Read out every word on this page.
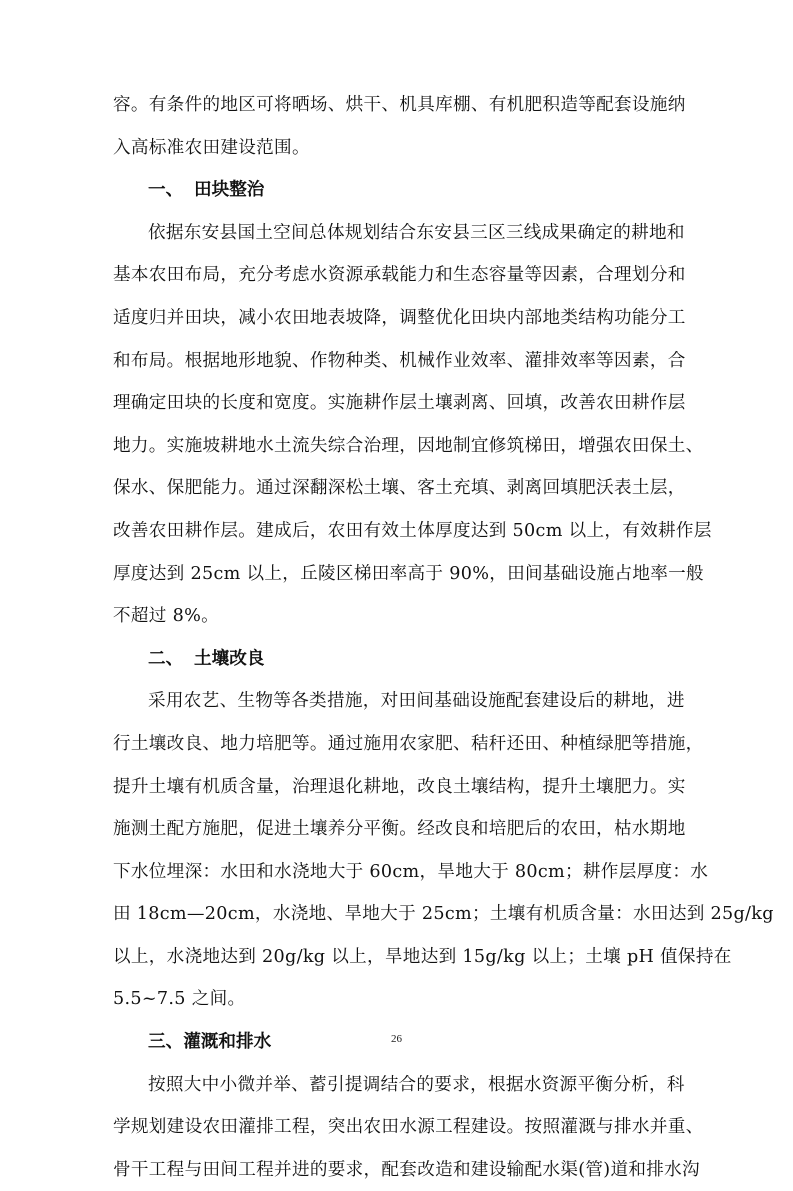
容。有条件的地区可将晒场、烘干、机具库棚、有机肥积造等配套设施纳
入高标准农田建设范围。
一、 田块整治
依据东安县国土空间总体规划结合东安县三区三线成果确定的耕地和
基本农田布局，充分考虑水资源承载能力和生态容量等因素，合理划分和
适度归并田块，减小农田地表坡降，调整优化田块内部地类结构功能分工
和布局。根据地形地貌、作物种类、机械作业效率、灌排效率等因素，合
理确定田块的长度和宽度。实施耕作层土壤剥离、回填，改善农田耕作层
地力。实施坡耕地水土流失综合治理，因地制宜修筑梯田，增强农田保土、
保水、保肥能力。通过深翻深松土壤、客土充填、剥离回填肥沃表土层，
改善农田耕作层。建成后，农田有效土体厚度达到 50cm 以上，有效耕作层
厚度达到 25cm 以上，丘陵区梯田率高于 90%，田间基础设施占地率一般
不超过 8%。
二、 土壤改良
采用农艺、生物等各类措施，对田间基础设施配套建设后的耕地，进
行土壤改良、地力培肥等。通过施用农家肥、秸秆还田、种植绿肥等措施，
提升土壤有机质含量，治理退化耕地，改良土壤结构，提升土壤肥力。实
施测土配方施肥，促进土壤养分平衡。经改良和培肥后的农田，枯水期地
下水位埋深：水田和水浇地大于 60cm，旱地大于 80cm；耕作层厚度：水
田 18cm—20cm，水浇地、旱地大于 25cm；土壤有机质含量：水田达到 25g/kg
以上，水浇地达到 20g/kg 以上，旱地达到 15g/kg 以上；土壤 pH 值保持在
5.5~7.5 之间。
三、灌溉和排水
按照大中小微并举、蓄引提调结合的要求，根据水资源平衡分析，科
学规划建设农田灌排工程，突出农田水源工程建设。按照灌溉与排水并重、
骨干工程与田间工程并进的要求，配套改造和建设输配水渠(管)道和排水沟
26
